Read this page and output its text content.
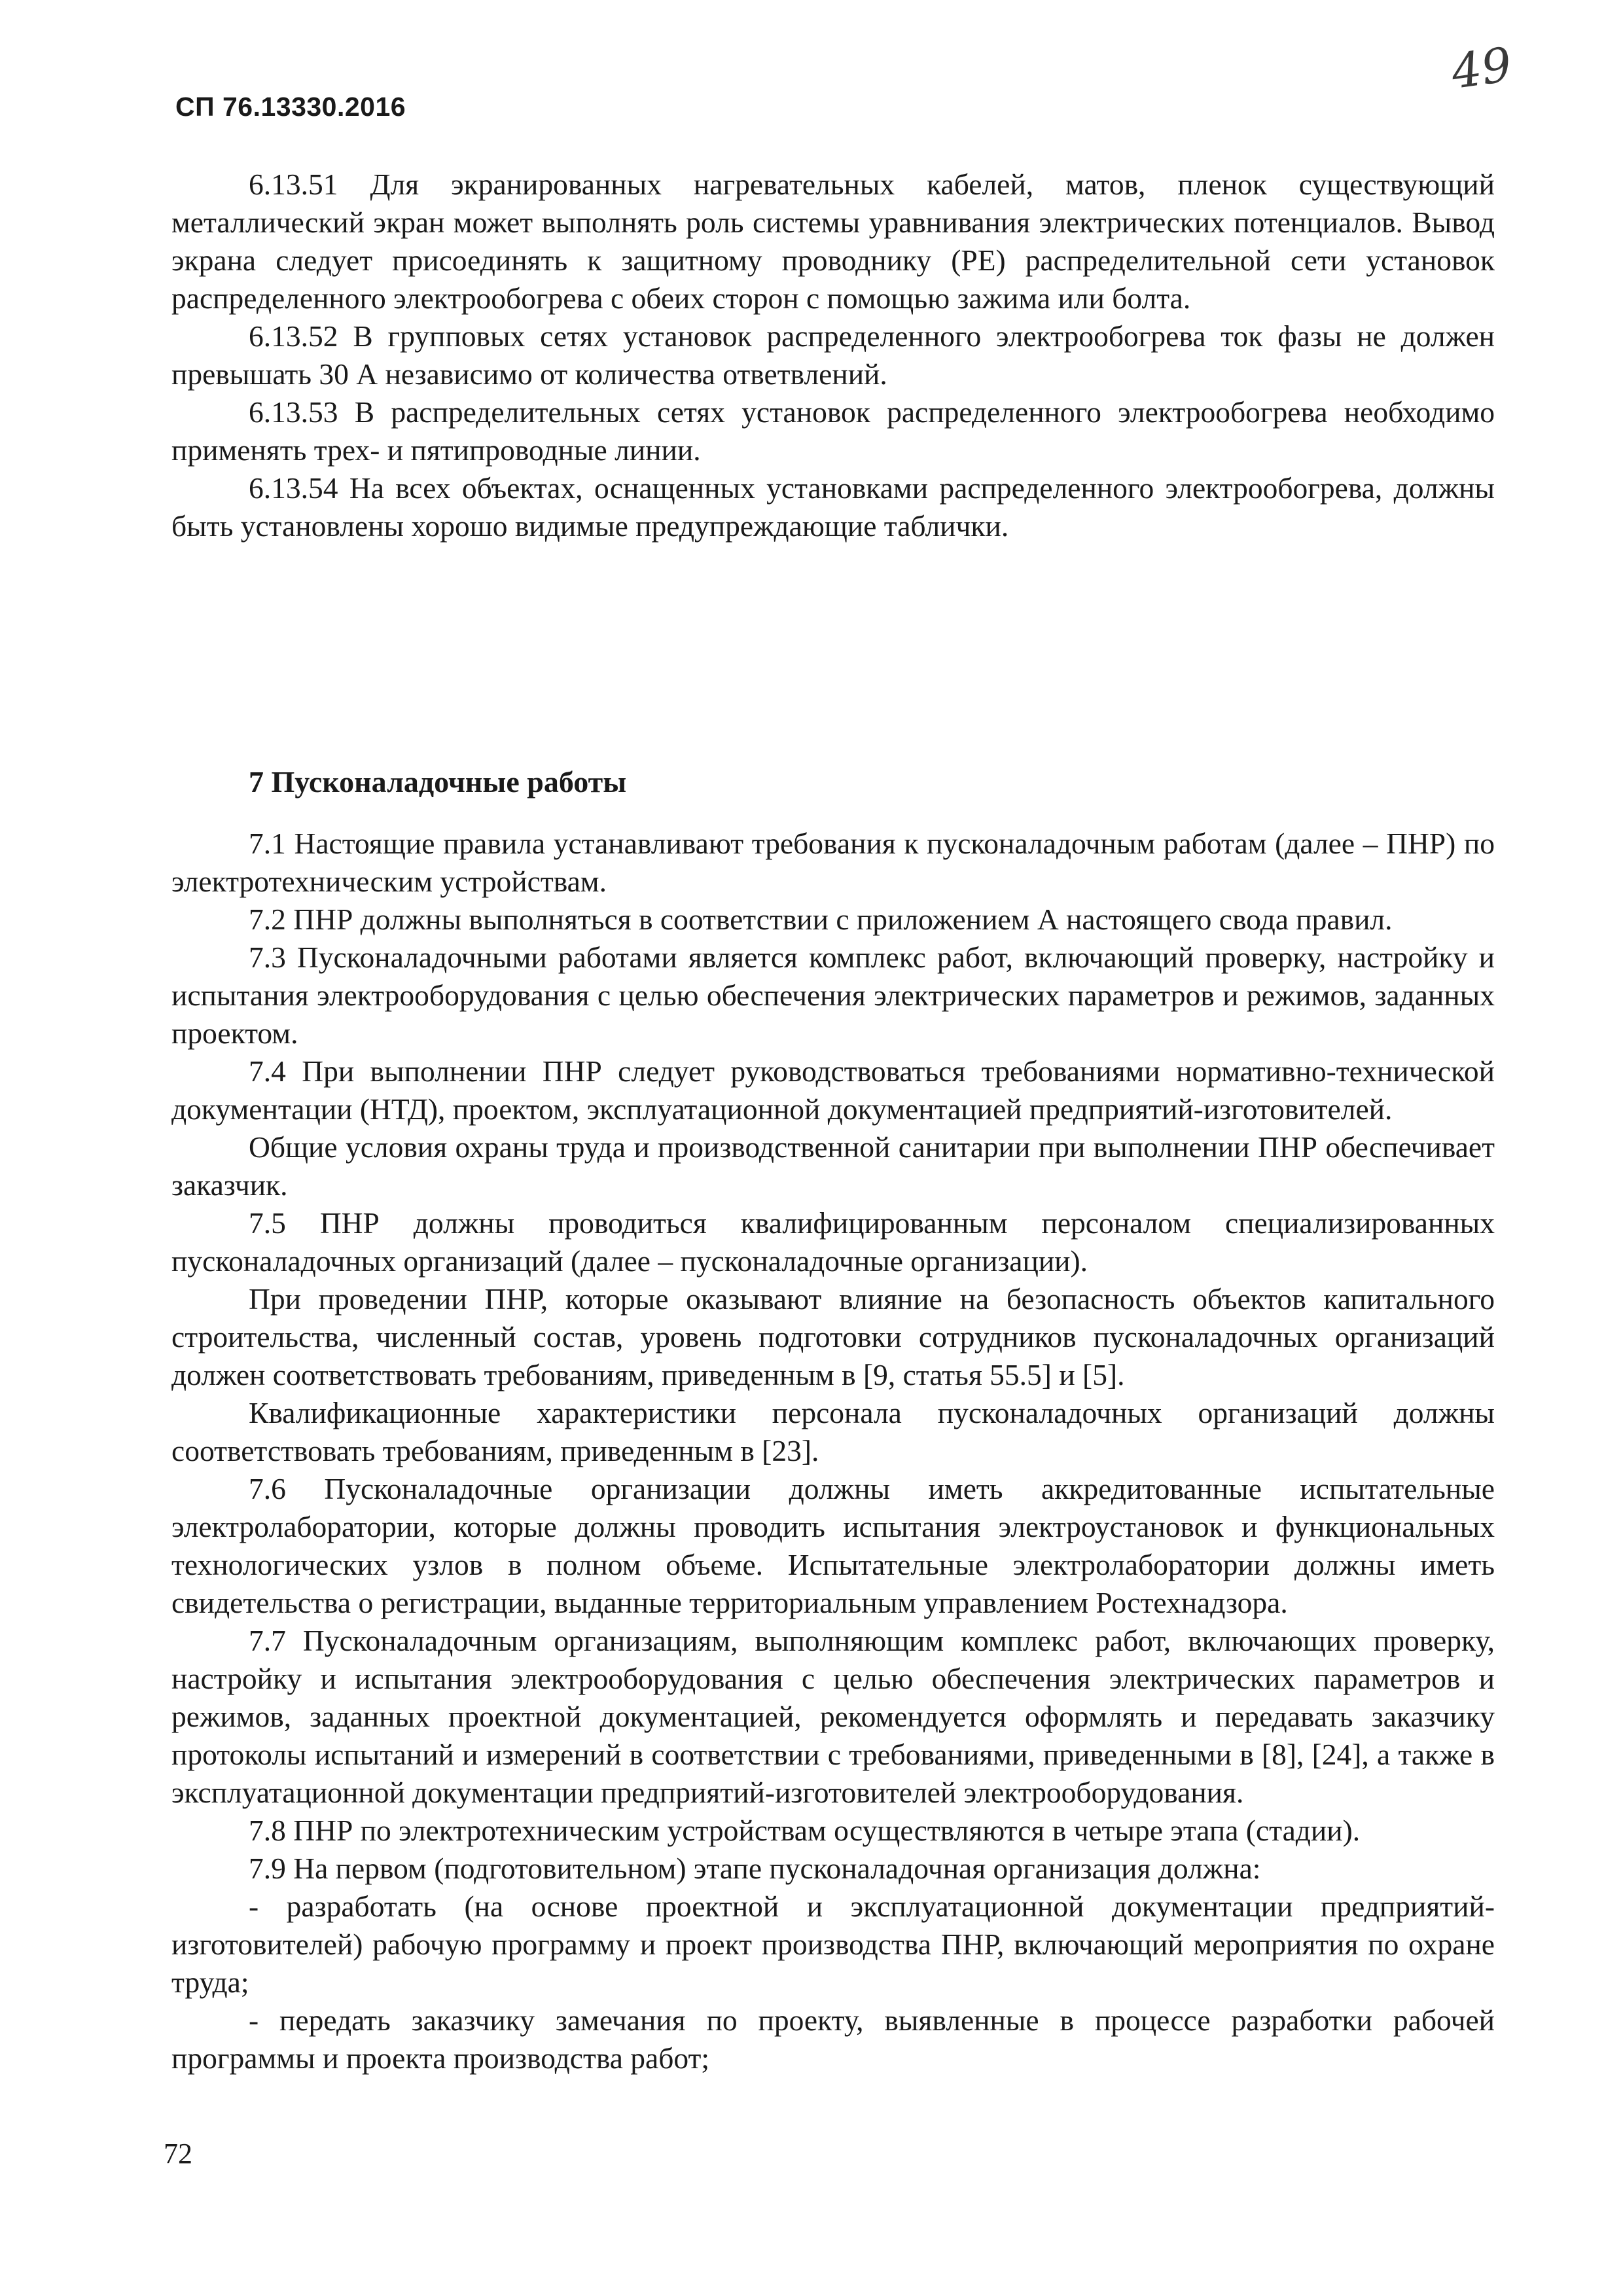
СП 76.13330.2016
49

6.13.51 Для экранированных нагревательных кабелей, матов, пленок существующий металлический экран может выполнять роль системы уравнивания электрических потенциалов. Вывод экрана следует присоединять к защитному проводнику (PE) распределительной сети установок распределенного электрообогрева с обеих сторон с помощью зажима или болта.

6.13.52 В групповых сетях установок распределенного электрообогрева ток фазы не должен превышать 30 А независимо от количества ответвлений.

6.13.53 В распределительных сетях установок распределенного электрообогрева необходимо применять трех- и пятипроводные линии.

6.13.54 На всех объектах, оснащенных установками распределенного электрообогрева, должны быть установлены хорошо видимые предупреждающие таблички.

7 Пусконаладочные работы

7.1 Настоящие правила устанавливают требования к пусконаладочным работам (далее – ПНР) по электротехническим устройствам.

7.2 ПНР должны выполняться в соответствии с приложением А настоящего свода правил.

7.3 Пусконаладочными работами является комплекс работ, включающий проверку, настройку и испытания электрооборудования с целью обеспечения электрических параметров и режимов, заданных проектом.

7.4 При выполнении ПНР следует руководствоваться требованиями нормативно-технической документации (НТД), проектом, эксплуатационной документацией предприятий-изготовителей.

Общие условия охраны труда и производственной санитарии при выполнении ПНР обеспечивает заказчик.

7.5 ПНР должны проводиться квалифицированным персоналом специализированных пусконаладочных организаций (далее – пусконаладочные организации).

При проведении ПНР, которые оказывают влияние на безопасность объектов капитального строительства, численный состав, уровень подготовки сотрудников пусконаладочных организаций должен соответствовать требованиям, приведенным в [9, статья 55.5] и [5].

Квалификационные характеристики персонала пусконаладочных организаций должны соответствовать требованиям, приведенным в [23].

7.6 Пусконаладочные организации должны иметь аккредитованные испытательные электролаборатории, которые должны проводить испытания электроустановок и функциональных технологических узлов в полном объеме. Испытательные электролаборатории должны иметь свидетельства о регистрации, выданные территориальным управлением Ростехнадзора.

7.7 Пусконаладочным организациям, выполняющим комплекс работ, включающих проверку, настройку и испытания электрооборудования с целью обеспечения электрических параметров и режимов, заданных проектной документацией, рекомендуется оформлять и передавать заказчику протоколы испытаний и измерений в соответствии с требованиями, приведенными в [8], [24], а также в эксплуатационной документации предприятий-изготовителей электрооборудования.

7.8 ПНР по электротехническим устройствам осуществляются в четыре этапа (стадии).

7.9 На первом (подготовительном) этапе пусконаладочная организация должна:

- разработать (на основе проектной и эксплуатационной документации предприятий-изготовителей) рабочую программу и проект производства ПНР, включающий мероприятия по охране труда;

- передать заказчику замечания по проекту, выявленные в процессе разработки рабочей программы и проекта производства работ;

72
